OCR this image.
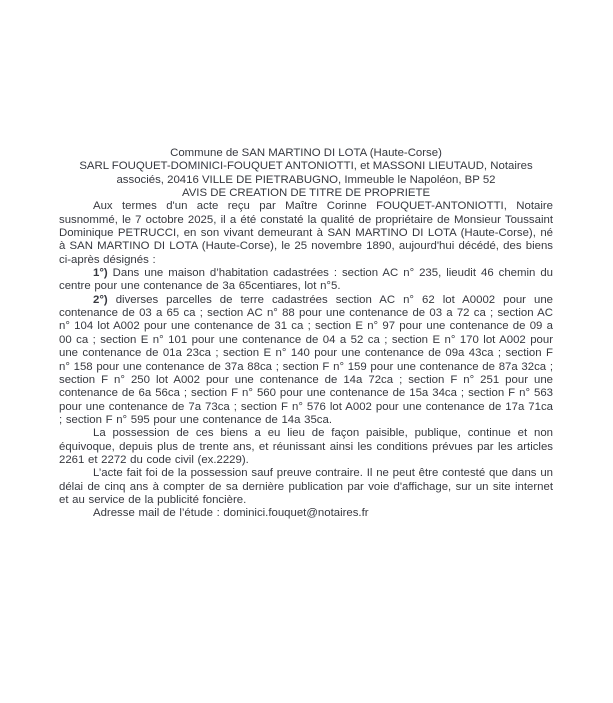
Commune de SAN MARTINO DI LOTA (Haute-Corse)
SARL FOUQUET-DOMINICI-FOUQUET ANTONIOTTI, et MASSONI LIEUTAUD, Notaires
associés, 20416 VILLE DE PIETRABUGNO, Immeuble le Napoléon, BP 52
AVIS DE CREATION DE TITRE DE PROPRIETE

Aux termes d'un acte reçu par Maître Corinne FOUQUET-ANTONIOTTI, Notaire susnommé, le 7 octobre 2025, il a été constaté la qualité de propriétaire de Monsieur Toussaint Dominique PETRUCCI, en son vivant demeurant à SAN MARTINO DI LOTA (Haute-Corse), né à SAN MARTINO DI LOTA (Haute-Corse), le 25 novembre 1890, aujourd'hui décédé, des biens ci-après désignés :

1°) Dans une maison d’habitation cadastrées : section AC n° 235, lieudit 46 chemin du centre pour une contenance de 3a 65centiares, lot n°5.

2°) diverses parcelles de terre cadastrées section AC n° 62 lot A0002 pour une contenance de 03 a 65 ca ; section AC n° 88 pour une contenance de 03 a 72 ca ; section AC n° 104 lot A002 pour une contenance de 31 ca ; section E n° 97 pour une contenance de 09 a 00 ca ; section E n° 101 pour une contenance de 04 a 52 ca ; section E n° 170 lot A002 pour une contenance de 01a 23ca ; section E n° 140 pour une contenance de 09a 43ca ; section F n° 158 pour une contenance de 37a 88ca ; section F n° 159 pour une contenance de 87a 32ca ; section F n° 250 lot A002 pour une contenance de 14a 72ca ; section F n° 251 pour une contenance de 6a 56ca ; section F n° 560 pour une contenance de 15a 34ca ; section F n° 563 pour une contenance de 7a 73ca ; section F n° 576 lot A002 pour une contenance de 17a 71ca ; section F n° 595 pour une contenance de 14a 35ca.

La possession de ces biens a eu lieu de façon paisible, publique, continue et non équivoque, depuis plus de trente ans, et réunissant ainsi les conditions prévues par les articles 2261 et 2272 du code civil (ex.2229).

L’acte fait foi de la possession sauf preuve contraire. Il ne peut être contesté que dans un délai de cinq ans à compter de sa dernière publication par voie d'affichage, sur un site internet et au service de la publicité foncière.

Adresse mail de l’étude : dominici.fouquet@notaires.fr
